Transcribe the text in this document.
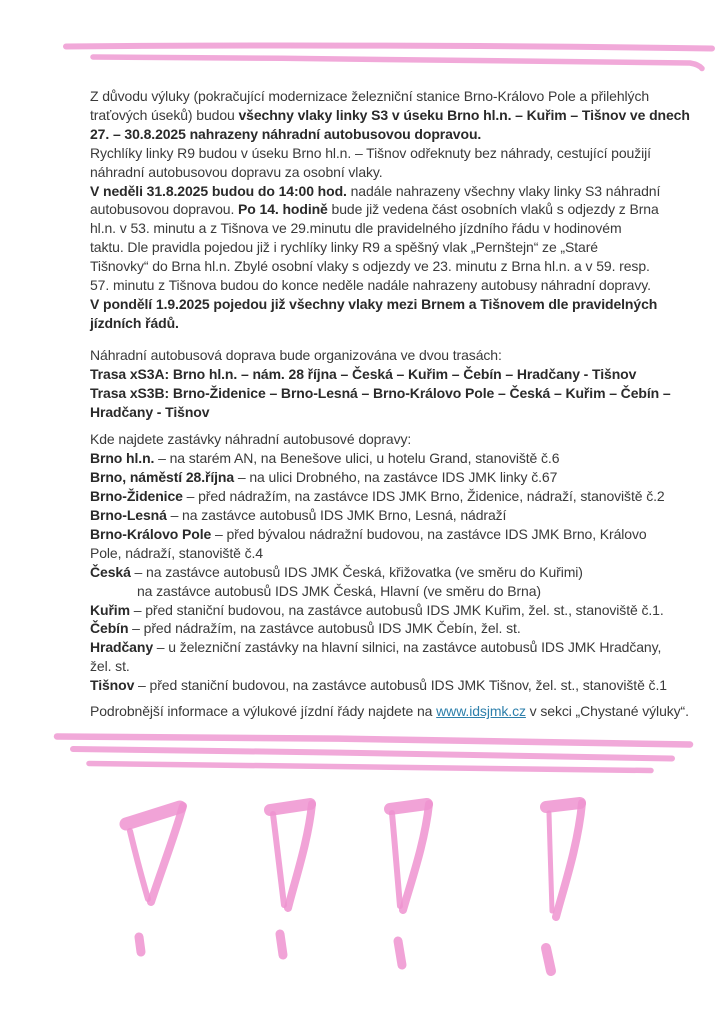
Z důvodu výluky (pokračující modernizace železniční stanice Brno-Královo Pole a přilehlých
traťových úseků) budou všechny vlaky linky S3 v úseku Brno hl.n. – Kuřim – Tišnov ve dnech
27. – 30.8.2025 nahrazeny náhradní autobusovou dopravou.
Rychlíky linky R9 budou v úseku Brno hl.n. – Tišnov odřeknuty bez náhrady, cestující použijí
náhradní autobusovou dopravu za osobní vlaky.
V neděli 31.8.2025 budou do 14:00 hod. nadále nahrazeny všechny vlaky linky S3 náhradní
autobusovou dopravou. Po 14. hodině bude již vedena část osobních vlaků s odjezdy z Brna
hl.n. v 53. minutu a z Tišnova ve 29.minutu dle pravidelného jízdního řádu v hodinovém
taktu. Dle pravidla pojedou již i rychlíky linky R9 a spěšný vlak „Pernštejn“ ze „Staré
Tišnovky“ do Brna hl.n. Zbylé osobní vlaky s odjezdy ve 23. minutu z Brna hl.n. a v 59. resp.
57. minutu z Tišnova budou do konce neděle nadále nahrazeny autobusy náhradní dopravy.
V pondělí 1.9.2025 pojedou již všechny vlaky mezi Brnem a Tišnovem dle pravidelných
jízdních řádů.
Náhradní autobusová doprava bude organizována ve dvou trasách:
Trasa xS3A: Brno hl.n. – nám. 28 října – Česká – Kuřim – Čebín – Hradčany - Tišnov
Trasa xS3B: Brno-Židenice – Brno-Lesná – Brno-Královo Pole – Česká – Kuřim – Čebín –
Hradčany - Tišnov
Kde najdete zastávky náhradní autobusové dopravy:
Brno hl.n. – na starém AN, na Benešove ulici, u hotelu Grand, stanoviště č.6
Brno, náměstí 28.října – na ulici Drobného, na zastávce IDS JMK linky č.67
Brno-Židenice – před nádražím, na zastávce IDS JMK Brno, Židenice, nádraží, stanoviště č.2
Brno-Lesná – na zastávce autobusů IDS JMK Brno, Lesná, nádraží
Brno-Královo Pole – před bývalou nádražní budovou, na zastávce IDS JMK Brno, Královo
Pole, nádraží, stanoviště č.4
Česká – na zastávce autobusů IDS JMK Česká, křižovatka (ve směru do Kuřimi)
na zastávce autobusů IDS JMK Česká, Hlavní (ve směru do Brna)
Kuřim – před staniční budovou, na zastávce autobusů IDS JMK Kuřim, žel. st., stanoviště č.1.
Čebín – před nádražím, na zastávce autobusů IDS JMK Čebín, žel. st.
Hradčany – u železniční zastávky na hlavní silnici, na zastávce autobusů IDS JMK Hradčany,
žel. st.
Tišnov – před staniční budovou, na zastávce autobusů IDS JMK Tišnov, žel. st., stanoviště č.1
Podrobnější informace a výlukové jízdní řády najdete na www.idsjmk.cz v sekci „Chystané výluky“.
